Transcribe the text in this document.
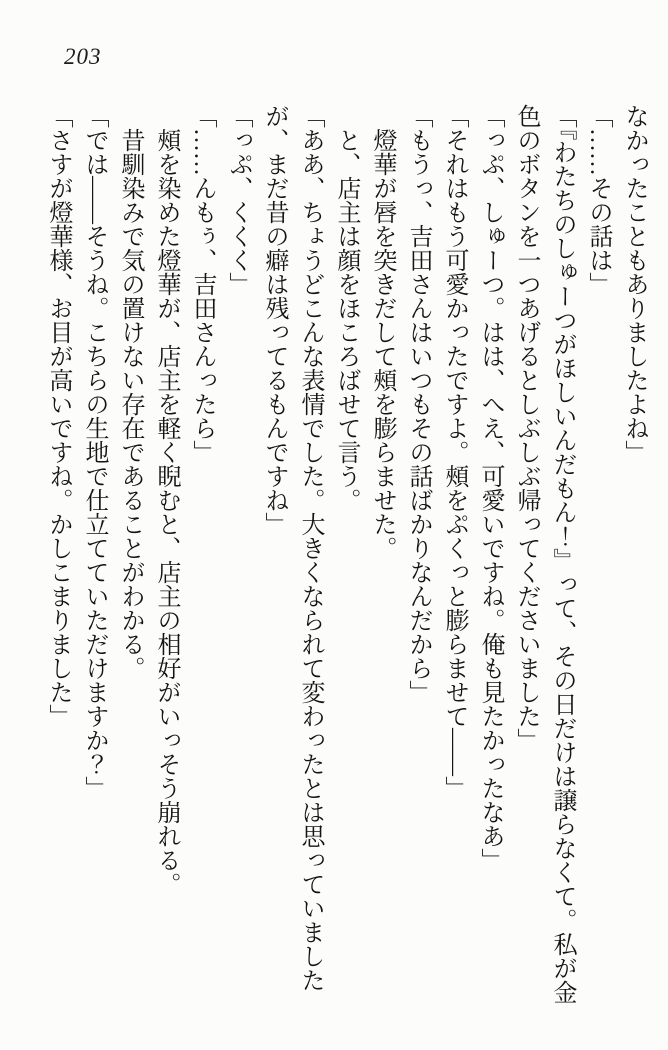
203

なかったこともありましたよね」

「……その話は」

「『わたちのしゅーつがほしいんだもん！』って、その日だけは譲らなくて。私が金色のボタンを一つあげるとしぶしぶ帰ってくださいました」

「っぷ、しゅーつ。はは、へえ、可愛いですね。俺も見たかったなあ」

「それはもう可愛かったですよ。頰をぷくっと膨らませて――」

「もうっ、吉田さんはいつもその話ばかりなんだから」

燈華が唇を突きだして頰を膨らませた。

と、店主は顔をほころばせて言う。

「ああ、ちょうどこんな表情でした。大きくなられて変わったとは思っていましたが、まだ昔の癖は残ってるもんですね」

「っぷ、くくく」

「……んもぅ、吉田さんったら」

頰を染めた燈華が、店主を軽く睨むと、店主の相好がいっそう崩れる。

昔馴染みで気の置けない存在であることがわかる。

「では――そうね。こちらの生地で仕立てていただけますか？」

「さすが燈華様、お目が高いですね。かしこまりました」
